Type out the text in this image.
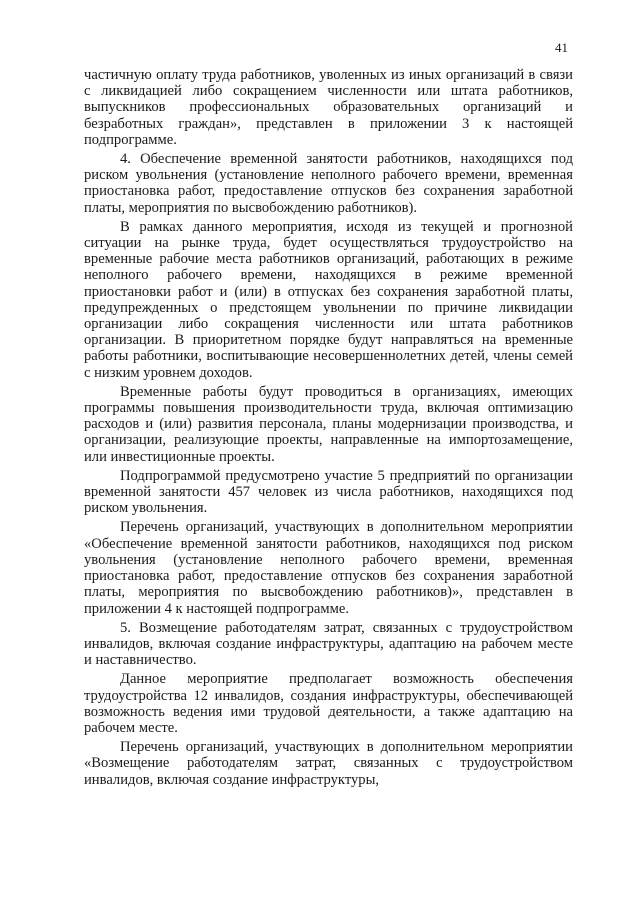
41

частичную оплату труда работников, уволенных из иных организаций в связи с ликвидацией либо сокращением численности или штата работников, выпускников профессиональных образовательных организаций и безработных граждан», представлен в приложении 3 к настоящей подпрограмме.

4. Обеспечение временной занятости работников, находящихся под риском увольнения (установление неполного рабочего времени, временная приостановка работ, предоставление отпусков без сохранения заработной платы, мероприятия по высвобождению работников).

В рамках данного мероприятия, исходя из текущей и прогнозной ситуации на рынке труда, будет осуществляться трудоустройство на временные рабочие места работников организаций, работающих в режиме неполного рабочего времени, находящихся в режиме временной приостановки работ и (или) в отпусках без сохранения заработной платы, предупрежденных о предстоящем увольнении по причине ликвидации организации либо сокращения численности или штата работников организации. В приоритетном порядке будут направляться на временные работы работники, воспитывающие несовершеннолетних детей, члены семей с низким уровнем доходов.

Временные работы будут проводиться в организациях, имеющих программы повышения производительности труда, включая оптимизацию расходов и (или) развития персонала, планы модернизации производства, и организации, реализующие проекты, направленные на импортозамещение, или инвестиционные проекты.

Подпрограммой предусмотрено участие 5 предприятий по организации временной занятости 457 человек из числа работников, находящихся под риском увольнения.

Перечень организаций, участвующих в дополнительном мероприятии «Обеспечение временной занятости работников, находящихся под риском увольнения (установление неполного рабочего времени, временная приостановка работ, предоставление отпусков без сохранения заработной платы, мероприятия по высвобождению работников)», представлен в приложении 4 к настоящей подпрограмме.

5. Возмещение работодателям затрат, связанных с трудоустройством инвалидов, включая создание инфраструктуры, адаптацию на рабочем месте и наставничество.

Данное мероприятие предполагает возможность обеспечения трудоустройства 12 инвалидов, создания инфраструктуры, обеспечивающей возможность ведения ими трудовой деятельности, а также адаптацию на рабочем месте.

Перечень организаций, участвующих в дополнительном мероприятии «Возмещение работодателям затрат, связанных с трудоустройством инвалидов, включая создание инфраструктуры,
